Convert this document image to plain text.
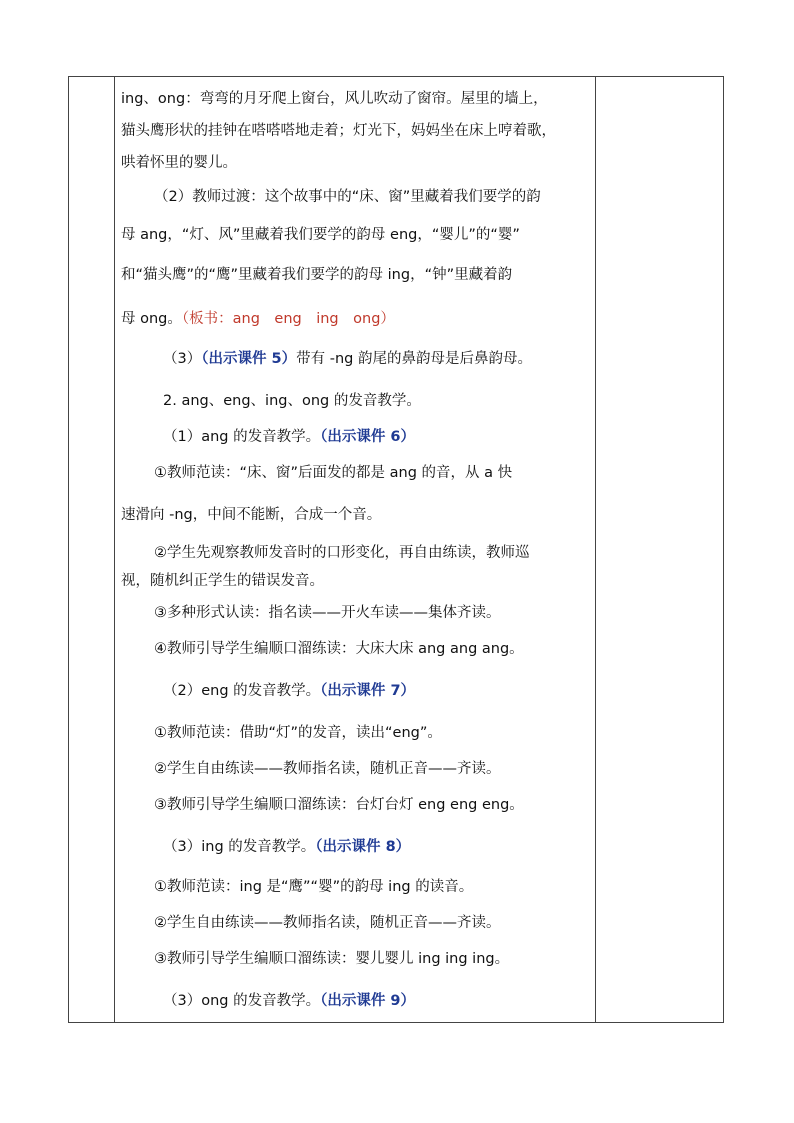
ing、ong：弯弯的月牙爬上窗台，风儿吹动了窗帘。屋里的墙上，
猫头鹰形状的挂钟在嗒嗒嗒地走着；灯光下，妈妈坐在床上哼着歌，
哄着怀里的婴儿。
（2）教师过渡：这个故事中的“床、窗”里藏着我们要学的韵
母 ang，“灯、风”里藏着我们要学的韵母 eng，“婴儿”的“婴”
和“猫头鹰”的“鹰”里藏着我们要学的韵母 ing，“钟”里藏着韵
母 ong。（板书：ang　eng　ing　ong）
（3）（出示课件 5）带有 -ng 韵尾的鼻韵母是后鼻韵母。
2. ang、eng、ing、ong 的发音教学。
（1）ang 的发音教学。（出示课件 6）
①教师范读：“床、窗”后面发的都是 ang 的音，从 a 快
速滑向 -ng，中间不能断，合成一个音。
②学生先观察教师发音时的口形变化，再自由练读，教师巡
视，随机纠正学生的错误发音。
③多种形式认读：指名读——开火车读——集体齐读。
④教师引导学生编顺口溜练读：大床大床 ang ang ang。
（2）eng 的发音教学。（出示课件 7）
①教师范读：借助“灯”的发音，读出“eng”。
②学生自由练读——教师指名读，随机正音——齐读。
③教师引导学生编顺口溜练读：台灯台灯 eng eng eng。
（3）ing 的发音教学。（出示课件 8）
①教师范读：ing 是“鹰”“婴”的韵母 ing 的读音。
②学生自由练读——教师指名读，随机正音——齐读。
③教师引导学生编顺口溜练读：婴儿婴儿 ing ing ing。
（3）ong 的发音教学。（出示课件 9）
